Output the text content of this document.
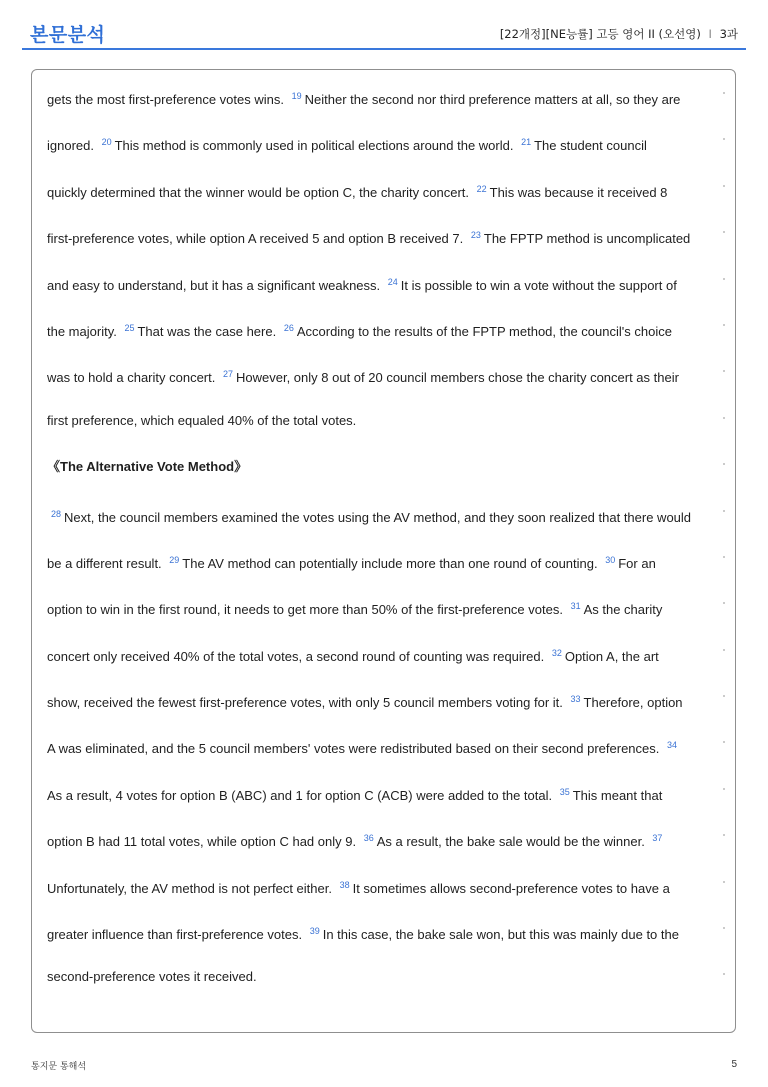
본문분석	[22개정][NE능률] 고등 영어 II (오선영) I 3과
gets the most first-preference votes wins. $^{19}$ Neither the second nor third preference matters at all, so they are
ignored. $^{20}$ This method is commonly used in political elections around the world. $^{21}$ The student council
quickly determined that the winner would be option C, the charity concert. $^{22}$ This was because it received 8
first-preference votes, while option A received 5 and option B received 7. $^{23}$ The FPTP method is uncomplicated
and easy to understand, but it has a significant weakness. $^{24}$ It is possible to win a vote without the support of
the majority. $^{25}$ That was the case here. $^{26}$ According to the results of the FPTP method, the council's choice
was to hold a charity concert. $^{27}$ However, only 8 out of 20 council members chose the charity concert as their
first preference, which equaled 40% of the total votes.
《The Alternative Vote Method》
$^{28}$ Next, the council members examined the votes using the AV method, and they soon realized that there would
be a different result. $^{29}$ The AV method can potentially include more than one round of counting. $^{30}$ For an
option to win in the first round, it needs to get more than 50% of the first-preference votes. $^{31}$ As the charity
concert only received 40% of the total votes, a second round of counting was required. $^{32}$ Option A, the art
show, received the fewest first-preference votes, with only 5 council members voting for it. $^{33}$ Therefore, option
A was eliminated, and the 5 council members' votes were redistributed based on their second preferences. $^{34}$
As a result, 4 votes for option B (ABC) and 1 for option C (ACB) were added to the total. $^{35}$ This meant that
option B had 11 total votes, while option C had only 9. $^{36}$ As a result, the bake sale would be the winner. $^{37}$
Unfortunately, the AV method is not perfect either. $^{38}$ It sometimes allows second-preference votes to have a
greater influence than first-preference votes. $^{39}$ In this case, the bake sale won, but this was mainly due to the
second-preference votes it received.
통지문 통해석	5
